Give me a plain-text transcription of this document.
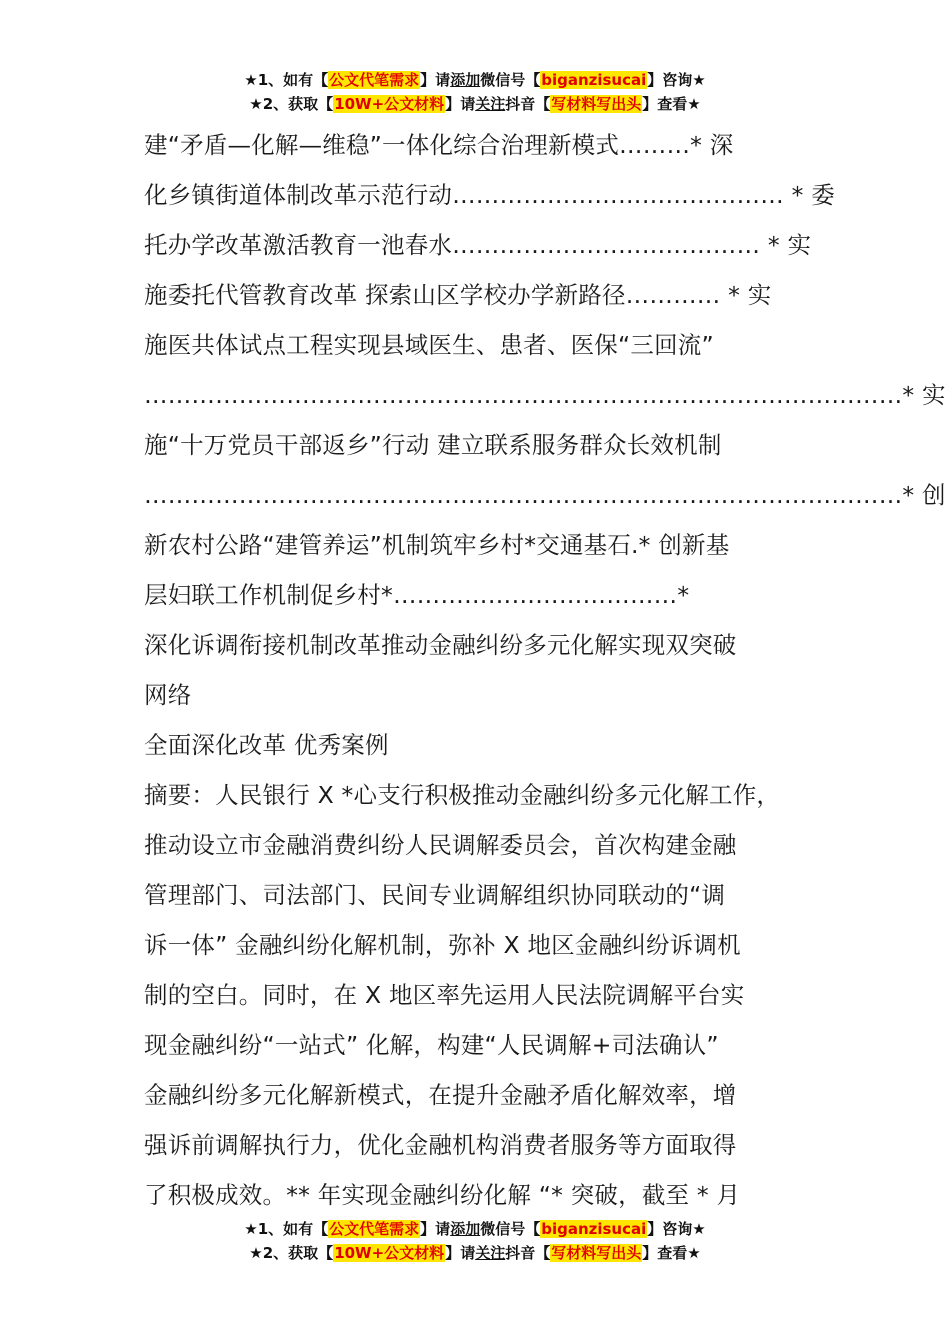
★1、如有【公文代笔需求】请添加微信号【biganzisucai】咨询★
★2、获取【10W+公文材料】请关注抖音【写材料写出头】查看★

建“矛盾—化解—维稳”一体化综合治理新模式………* 深

化乡镇街道体制改革示范行动…………………………………… * 委

托办学改革激活教育一池春水………………………………… * 实

施委托代管教育改革 探索山区学校办学新路径………… * 实

施医共体试点工程实现县域医生、患者、医保“三回流”

……………………………………………………………………………………* 实

施“十万党员干部返乡”行动 建立联系服务群众长效机制

……………………………………………………………………………………* 创

新农村公路“建管养运”机制筑牢乡村*交通基石.* 创新基

层妇联工作机制促乡村*………………………………*

深化诉调衔接机制改革推动金融纠纷多元化解实现双突破

网络

全面深化改革 优秀案例

摘要：人民银行 X *心支行积极推动金融纠纷多元化解工作，

推动设立市金融消费纠纷人民调解委员会，首次构建金融

管理部门、司法部门、民间专业调解组织协同联动的“调

诉一体” 金融纠纷化解机制，弥补 X 地区金融纠纷诉调机

制的空白。同时，在 X 地区率先运用人民法院调解平台实

现金融纠纷“一站式” 化解，构建“人民调解+司法确认”

金融纠纷多元化解新模式，在提升金融矛盾化解效率，增

强诉前调解执行力，优化金融机构消费者服务等方面取得

了积极成效。** 年实现金融纠纷化解 “* 突破，截至 * 月

★1、如有【公文代笔需求】请添加微信号【biganzisucai】咨询★
★2、获取【10W+公文材料】请关注抖音【写材料写出头】查看★
